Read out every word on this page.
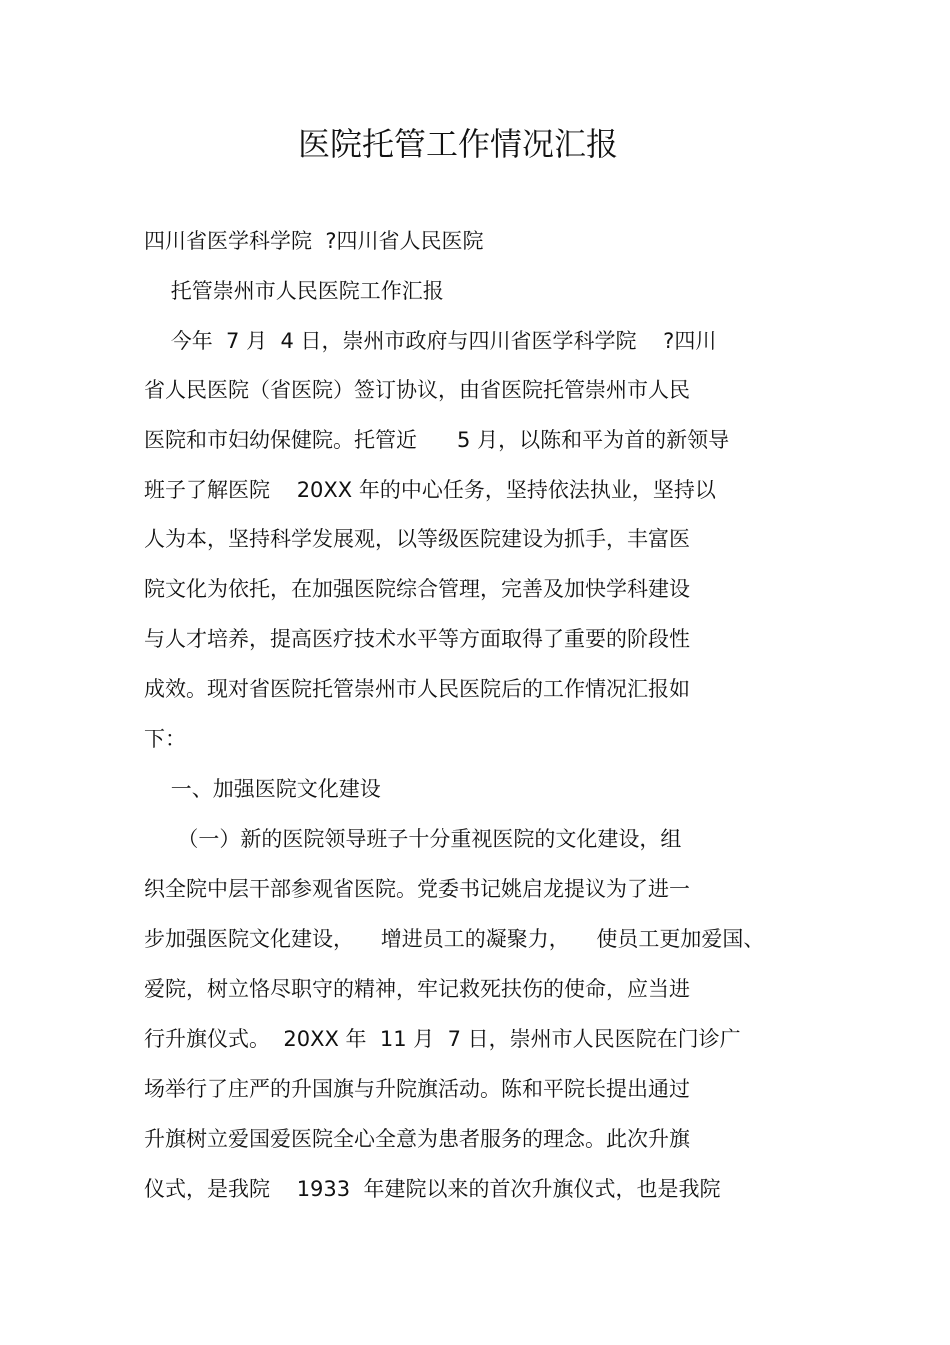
医院托管工作情况汇报
四川省医学科学院  ?四川省人民医院
托管崇州市人民医院工作汇报
今年  7 月  4 日，崇州市政府与四川省医学科学院    ?四川
省人民医院（省医院）签订协议，由省医院托管崇州市人民
医院和市妇幼保健院。托管近      5 月，以陈和平为首的新领导
班子了解医院    20XX 年的中心任务，坚持依法执业，坚持以
人为本，坚持科学发展观，以等级医院建设为抓手，丰富医
院文化为依托，在加强医院综合管理，完善及加快学科建设
与人才培养，提高医疗技术水平等方面取得了重要的阶段性
成效。现对省医院托管崇州市人民医院后的工作情况汇报如
下：
一、加强医院文化建设
（一）新的医院领导班子十分重视医院的文化建设，组
织全院中层干部参观省医院。党委书记姚启龙提议为了进一
步加强医院文化建设，    增进员工的凝聚力，    使员工更加爱国、
爱院，树立恪尽职守的精神，牢记救死扶伤的使命，应当进
行升旗仪式。  20XX 年  11 月  7 日，崇州市人民医院在门诊广
场举行了庄严的升国旗与升院旗活动。陈和平院长提出通过
升旗树立爱国爱医院全心全意为患者服务的理念。此次升旗
仪式，是我院    1933  年建院以来的首次升旗仪式，也是我院
